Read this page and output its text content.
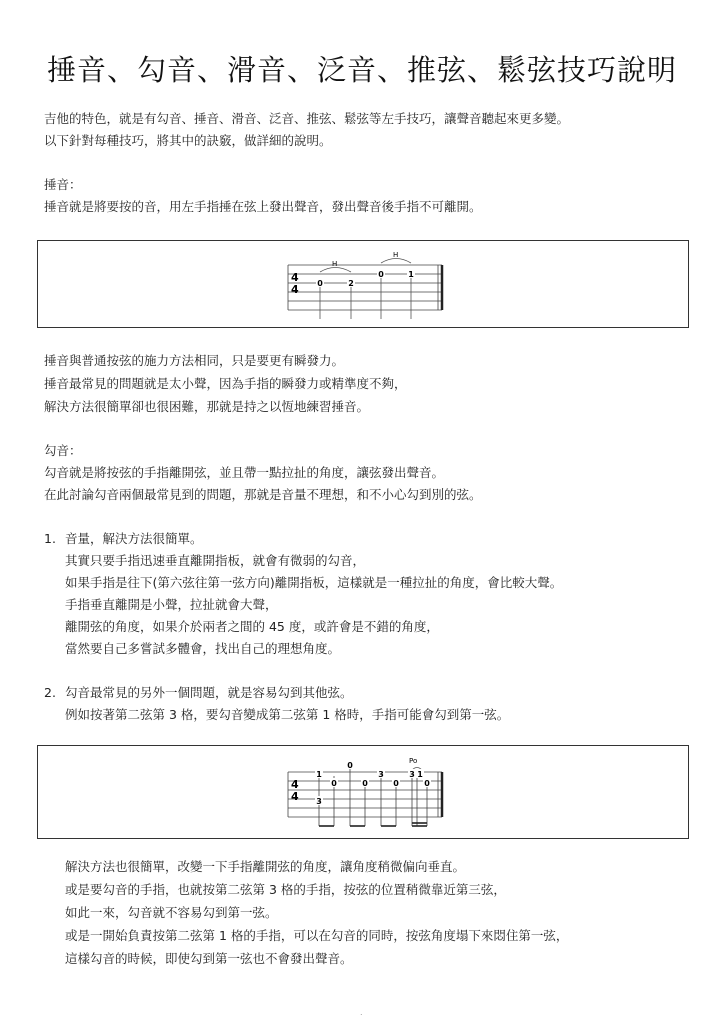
捶音、勾音、滑音、泛音、推弦、鬆弦技巧說明
吉他的特色，就是有勾音、捶音、滑音、泛音、推弦、鬆弦等左手技巧，讓聲音聽起來更多變。
以下針對每種技巧，將其中的訣竅，做詳細的說明。
捶音：
捶音就是將要按的音，用左手指捶在弦上發出聲音，發出聲音後手指不可離開。
4
4
H
H
0	2
0	1
捶音與普通按弦的施力方法相同，只是要更有瞬發力。
捶音最常見的問題就是太小聲，因為手指的瞬發力或精準度不夠，
解決方法很簡單卻也很困難，那就是持之以恆地練習捶音。
勾音：
勾音就是將按弦的手指離開弦，並且帶一點拉扯的角度，讓弦發出聲音。
在此討論勾音兩個最常見到的問題，那就是音量不理想，和不小心勾到別的弦。
1. 音量，解決方法很簡單。
其實只要手指迅速垂直離開指板，就會有微弱的勾音，
如果手指是往下(第六弦往第一弦方向)離開指板，這樣就是一種拉扯的角度，會比較大聲。
手指垂直離開是小聲，拉扯就會大聲，
離開弦的角度，如果介於兩者之間的 45 度，或許會是不錯的角度，
當然要自己多嘗試多體會，找出自己的理想角度。
2. 勾音最常見的另外一個問題，就是容易勾到其他弦。
例如按著第二弦第 3 格，要勾音變成第二弦第 1 格時，手指可能會勾到第一弦。
4
4
Po
1
3
0
0
0
3
0
3 1
0
解決方法也很簡單，改變一下手指離開弦的角度，讓角度稍微偏向垂直。
或是要勾音的手指，也就按第二弦第 3 格的手指，按弦的位置稍微靠近第三弦，
如此一來，勾音就不容易勾到第一弦。
或是一開始負責按第二弦第 1 格的手指，可以在勾音的同時，按弦角度塌下來悶住第一弦，
這樣勾音的時候，即使勾到第一弦也不會發出聲音。
.
